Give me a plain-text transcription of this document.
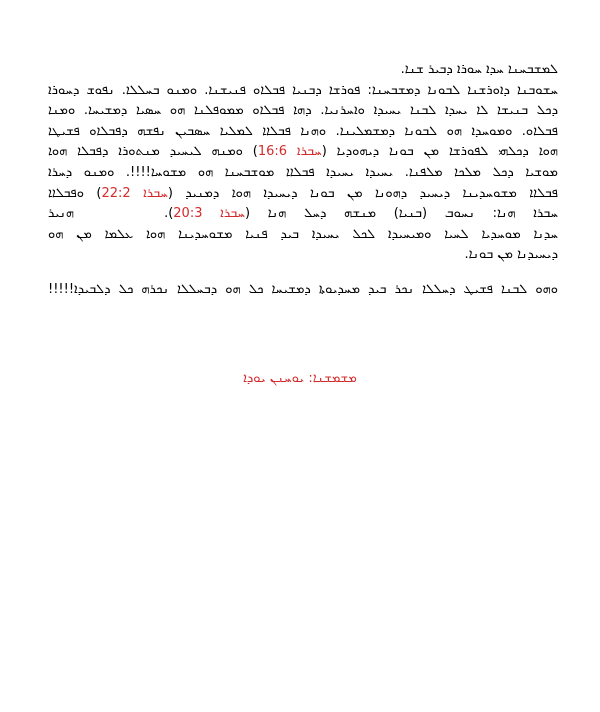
ܠܡܫܒܚܢܐ ܚܕܐ ܚܘܪܐ ܕܒܝܪ ܫܢܐ.
ܚܫܘܒܢܐ ܕܐܘܪܫܢܐ ܠܒܘܢܐ ܕܡܫܒܚܢܐ: ܦܘܪܫܐ ܕܒܢܝܐ ܦܒܠܐܘ ܦܢܝܫܢܐ. ܘܡܢܘ ܒܚܠܠܐ. ܢܦܘܫ ܕܚܘܪܐ
ܕܟܠ ܒܢܝܫܐ ܠܐ ܝܚܕܐ ܠܒܢܐ ܝܚܝܕܐ ܘܐܚܪܢܝܐ. ܕܗܐ ܦܒܠܐܘ ܡܡܘܦܠܢܐ ܗܘ ܚܣܝܐ ܕܡܫܝܚܐ. ܘܡܢܐ
ܦܒܠܐܘ. ܘܡܘܚܕܐ ܗܘ ܠܒܘܢܐ ܕܡܫܡܠܝܢܐ. ܘܗܢܐ ܦܒܠܐܐ ܠܡܠܝܐ ܚܣܒܝܢ ܢܦܫܗ ܕܦܒܠܐܘ ܦܫܝܛܐ
ܗܘܐ ܕܟܠܗܝ ܠܦܘܪܫܐ ܡܢ ܒܘܢܐ ܕܝܗܘܕܝܐ (ܚܒܪܐ 16:6) ܘܡܢܗ ܠܝܚܝܕ ܡܢܬܘܪܐ ܕܦܒܠܐ ܗܘܐ
ܡܘܫܝܐ ܕܟܠ ܡܠܟܐ ܡܠܦܢܐ. ܝܚܝܕܐ ܝܚܝܕܐ ܦܒܠܐܐ ܡܘܫܒܚܢܐ ܗܘ ܡܫܘܚܐ!!!!. ܘܡܢܘ ܕܚܪܐ
ܦܒܠܐܐ ܡܫܘܚܕܝܢܐ ܕܝܚܝܕ ܕܗܘܢܐ ܡܢ ܒܘܢܐ ܕܝܚܝܕܐ ܗܘܐ ܕܡܢܝܕ (ܚܒܪܐ 22:2) ܘܦܒܠܐܐ
ܚܒܪܐ ܗܢܐ: ܢܚܘܒ (ܒܢܝܐ) ܡܢܫܗ ܕܚܠ ܗܢܐ (ܚܒܪܐ 20:3).ܗܢܝܪ
ܚܕܢܐ ܡܘܚܕܝܐ ܠܚܝܐ ܘܡܝܚܝܕܐ ܠܟܠ ܝܚܝܕܐ ܒܝܕ ܦܢܝܐ ܡܫܘܚܕܝܢܐ ܗܘܐ ܥܠܡܐ ܡܢ ܗܘ
ܕܝܚܝܕܢܐ ܡܢ ܒܘܢܐ.
ܘܗܘ ܠܒܢܐ ܦܫܝܛ ܕܚܠܠܐ ܢܟܪ ܒܝܕ ܡܚܕܝܘܬܐ ܕܡܫܝܚܐ ܟܠ ܗܘ ܕܒܚܠܠܐ ܢܟܪܗ ܟܠ ܕܠܒܝܕܐ!!!!!
ܡܫܡܫܢܐ: ܝܘܚܢܢ ܝܘܕܐ
